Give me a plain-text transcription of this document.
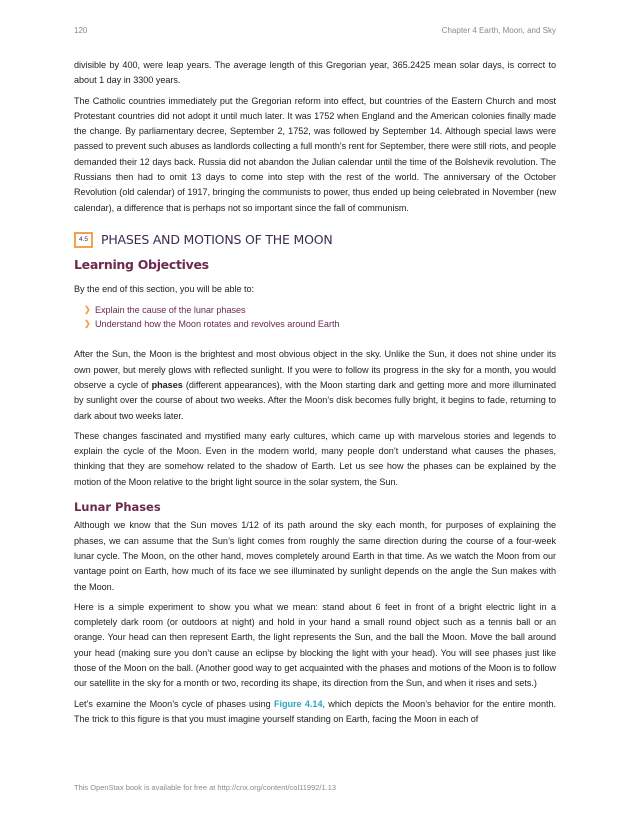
120	Chapter 4 Earth, Moon, and Sky

divisible by 400, were leap years. The average length of this Gregorian year, 365.2425 mean solar days, is correct to about 1 day in 3300 years.

The Catholic countries immediately put the Gregorian reform into effect, but countries of the Eastern Church and most Protestant countries did not adopt it until much later. It was 1752 when England and the American colonies finally made the change. By parliamentary decree, September 2, 1752, was followed by September 14. Although special laws were passed to prevent such abuses as landlords collecting a full month’s rent for September, there were still riots, and people demanded their 12 days back. Russia did not abandon the Julian calendar until the time of the Bolshevik revolution. The Russians then had to omit 13 days to come into step with the rest of the world. The anniversary of the October Revolution (old calendar) of 1917, bringing the communists to power, thus ended up being celebrated in November (new calendar), a difference that is perhaps not so important since the fall of communism.

4.5	PHASES AND MOTIONS OF THE MOON
Learning Objectives

By the end of this section, you will be able to:

❯ Explain the cause of the lunar phases
❯ Understand how the Moon rotates and revolves around Earth

After the Sun, the Moon is the brightest and most obvious object in the sky. Unlike the Sun, it does not shine under its own power, but merely glows with reflected sunlight. If you were to follow its progress in the sky for a month, you would observe a cycle of phases (different appearances), with the Moon starting dark and getting more and more illuminated by sunlight over the course of about two weeks. After the Moon’s disk becomes fully bright, it begins to fade, returning to dark about two weeks later.

These changes fascinated and mystified many early cultures, which came up with marvelous stories and legends to explain the cycle of the Moon. Even in the modern world, many people don’t understand what causes the phases, thinking that they are somehow related to the shadow of Earth. Let us see how the phases can be explained by the motion of the Moon relative to the bright light source in the solar system, the Sun.

Lunar Phases

Although we know that the Sun moves 1/12 of its path around the sky each month, for purposes of explaining the phases, we can assume that the Sun’s light comes from roughly the same direction during the course of a four-week lunar cycle. The Moon, on the other hand, moves completely around Earth in that time. As we watch the Moon from our vantage point on Earth, how much of its face we see illuminated by sunlight depends on the angle the Sun makes with the Moon.

Here is a simple experiment to show you what we mean: stand about 6 feet in front of a bright electric light in a completely dark room (or outdoors at night) and hold in your hand a small round object such as a tennis ball or an orange. Your head can then represent Earth, the light represents the Sun, and the ball the Moon. Move the ball around your head (making sure you don’t cause an eclipse by blocking the light with your head). You will see phases just like those of the Moon on the ball. (Another good way to get acquainted with the phases and motions of the Moon is to follow our satellite in the sky for a month or two, recording its shape, its direction from the Sun, and when it rises and sets.)

Let’s examine the Moon’s cycle of phases using Figure 4.14, which depicts the Moon’s behavior for the entire month. The trick to this figure is that you must imagine yourself standing on Earth, facing the Moon in each of

This OpenStax book is available for free at http://cnx.org/content/col11992/1.13
